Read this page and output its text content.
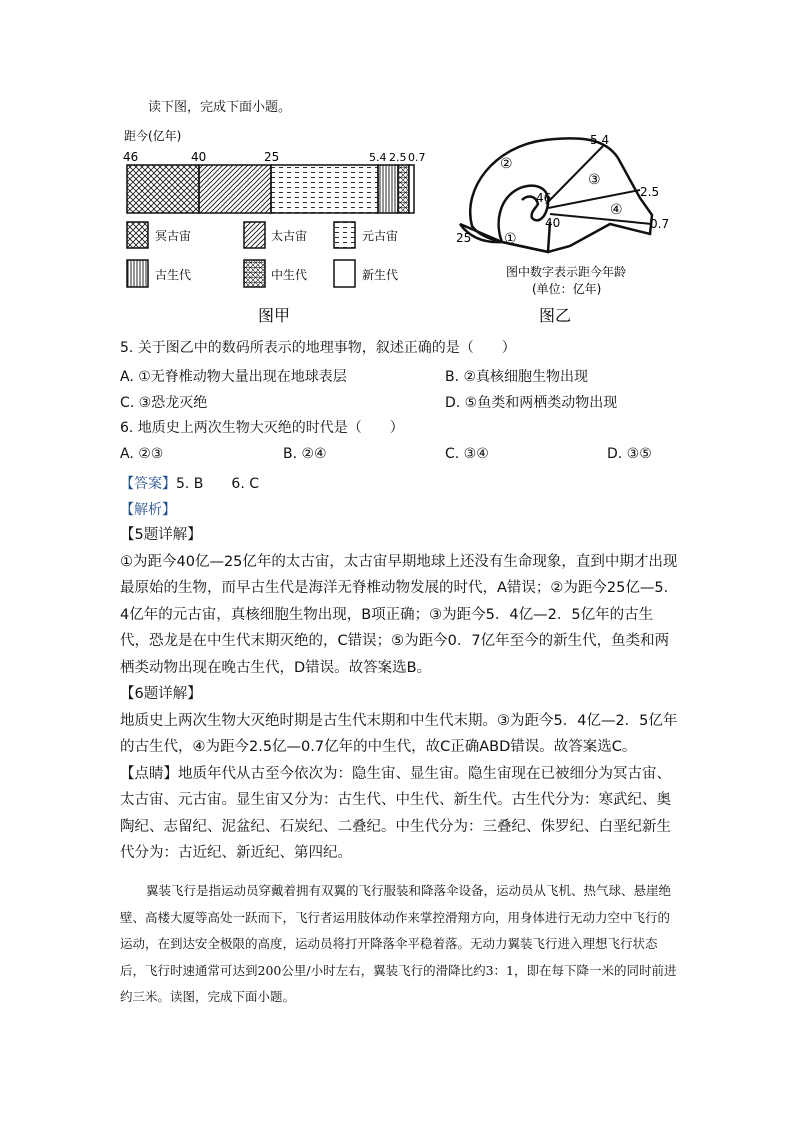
读下图，完成下面小题。
距今(亿年)
46	40	25	5.4 2.5 0.7
冥古宙	太古宙	元古宙
古生代	中生代	新生代
图甲
5.4
②
③
46	2.5
④
40	0.7
25 ①
图中数字表示距今年龄
(单位：亿年)
图乙
5. 关于图乙中的数码所表示的地理事物，叙述正确的是（　　）
A. ①无脊椎动物大量出现在地球表层	B. ②真核细胞生物出现
C. ③恐龙灭绝	D. ⑤鱼类和两栖类动物出现
6. 地质史上两次生物大灭绝的时代是（　　）
A. ②③	B. ②④	C. ③④	D. ③⑤
【答案】5. B　　6. C
【解析】

【5题详解】

①为距今40亿—25亿年的太古宙，太古宙早期地球上还没有生命现象，直到中期才出现最原始的生物，而早古生代是海洋无脊椎动物发展的时代，A错误；②为距今25亿—5．4亿年的元古宙，真核细胞生物出现，B项正确；③为距今5．4亿—2．5亿年的古生代，恐龙是在中生代末期灭绝的，C错误；⑤为距今0．7亿年至今的新生代，鱼类和两栖类动物出现在晚古生代，D错误。故答案选B。

【6题详解】

地质史上两次生物大灭绝时期是古生代末期和中生代末期。③为距今5．4亿—2．5亿年的古生代，④为距今2.5亿—0.7亿年的中生代，故C正确ABD错误。故答案选C。

【点睛】地质年代从古至今依次为：隐生宙、显生宙。隐生宙现在已被细分为冥古宙、太古宙、元古宙。显生宙又分为：古生代、中生代、新生代。古生代分为：寒武纪、奥陶纪、志留纪、泥盆纪、石炭纪、二叠纪。中生代分为：三叠纪、侏罗纪、白垩纪新生代分为：古近纪、新近纪、第四纪。

翼装飞行是指运动员穿戴着拥有双翼的飞行服装和降落伞设备，运动员从飞机、热气球、悬崖绝壁、高楼大厦等高处一跃而下，飞行者运用肢体动作来掌控滑翔方向，用身体进行无动力空中飞行的运动，在到达安全极限的高度，运动员将打开降落伞平稳着落。无动力翼装飞行进入理想飞行状态后，飞行时速通常可达到200公里/小时左右，翼装飞行的滑降比约3：1，即在每下降一米的同时前进约三米。读图，完成下面小题。
